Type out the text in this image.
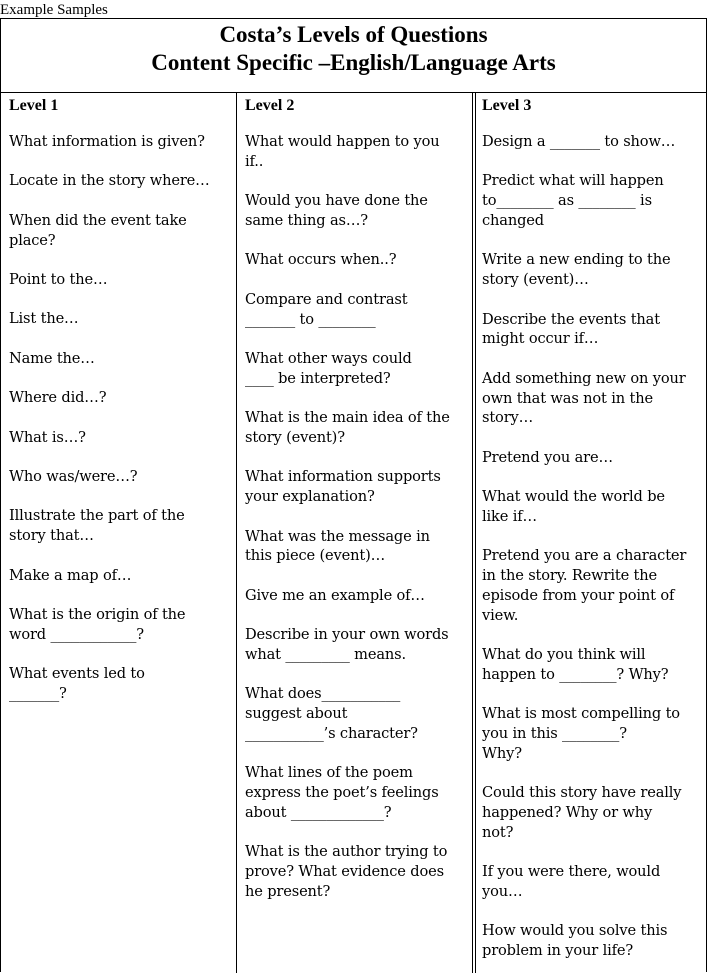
Example Samples
Costa’s Levels of Questions
Content Specific –English/Language Arts
Level 1
What information is given?
Locate in the story where…
When did the event take
place?
Point to the…
List the…
Name the…
Where did…?
What is…?
Who was/were…?
Illustrate the part of the
story that…
Make a map of…
What is the origin of the
word ____________?
What events led to
_______?
Level 2
What would happen to you
if..
Would you have done the
same thing as…?
What occurs when..?
Compare and contrast
_______ to ________
What other ways could
____ be interpreted?
What is the main idea of the
story (event)?
What information supports
your explanation?
What was the message in
this piece (event)…
Give me an example of…
Describe in your own words
what _________ means.
What does___________
suggest about
___________’s character?
What lines of the poem
express the poet’s feelings
about _____________?
What is the author trying to
prove? What evidence does
he present?
Level 3
Design a _______ to show…
Predict what will happen
to________ as ________ is
changed
Write a new ending to the
story (event)…
Describe the events that
might occur if…
Add something new on your
own that was not in the
story…
Pretend you are…
What would the world be
like if…
Pretend you are a character
in the story. Rewrite the
episode from your point of
view.
What do you think will
happen to ________? Why?
What is most compelling to
you in this ________?
Why?
Could this story have really
happened? Why or why
not?
If you were there, would
you…
How would you solve this
problem in your life?
